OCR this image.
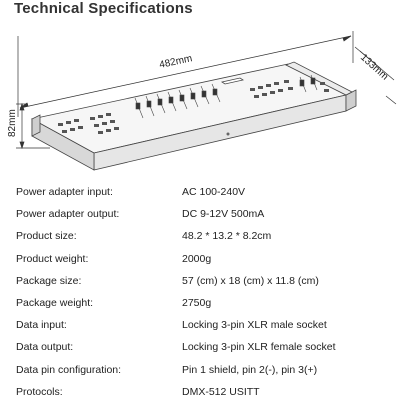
Technical Specifications
482mm	133mm
82mm
Power adapter input:	AC 100-240V
Power adapter output:	DC 9-12V 500mA
Product size:	48.2 * 13.2 * 8.2cm
Product weight:	2000g
Package size:	57 (cm) x 18 (cm) x 11.8 (cm)
Package weight:	2750g
Data input:	Locking 3-pin XLR male socket
Data output:	Locking 3-pin XLR female socket
Data pin configuration:	Pin 1 shield, pin 2(-), pin 3(+)
Protocols:	DMX-512 USITT
